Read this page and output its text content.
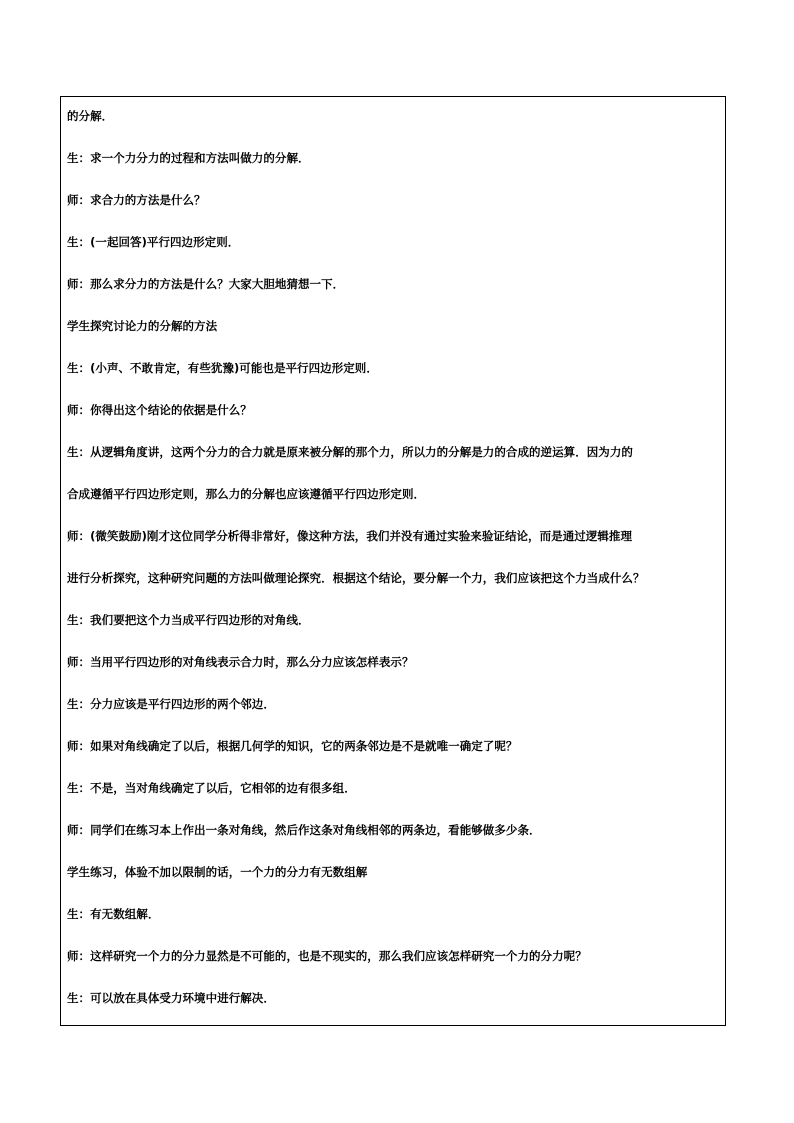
的分解．
生：求一个力分力的过程和方法叫做力的分解．
师：求合力的方法是什么？
生：(一起回答)平行四边形定则．
师：那么求分力的方法是什么？大家大胆地猜想一下．
学生探究讨论力的分解的方法
生：(小声、不敢肯定，有些犹豫)可能也是平行四边形定则．
师：你得出这个结论的依据是什么？
生：从逻辑角度讲，这两个分力的合力就是原来被分解的那个力，所以力的分解是力的合成的逆运算．因为力的
合成遵循平行四边形定则，那么力的分解也应该遵循平行四边形定则．
师：(微笑鼓励)刚才这位同学分析得非常好，像这种方法，我们并没有通过实验来验证结论，而是通过逻辑推理
进行分析探究，这种研究问题的方法叫做理论探究．根据这个结论，要分解一个力，我们应该把这个力当成什么？
生：我们要把这个力当成平行四边形的对角线．
师：当用平行四边形的对角线表示合力时，那么分力应该怎样表示？
生：分力应该是平行四边形的两个邻边．
师：如果对角线确定了以后，根据几何学的知识，它的两条邻边是不是就唯一确定了呢？
生：不是，当对角线确定了以后，它相邻的边有很多组．
师：同学们在练习本上作出一条对角线，然后作这条对角线相邻的两条边，看能够做多少条．
学生练习，体验不加以限制的话，一个力的分力有无数组解
生：有无数组解．
师：这样研究一个力的分力显然是不可能的，也是不现实的，那么我们应该怎样研究一个力的分力呢？
生：可以放在具体受力环境中进行解决．
